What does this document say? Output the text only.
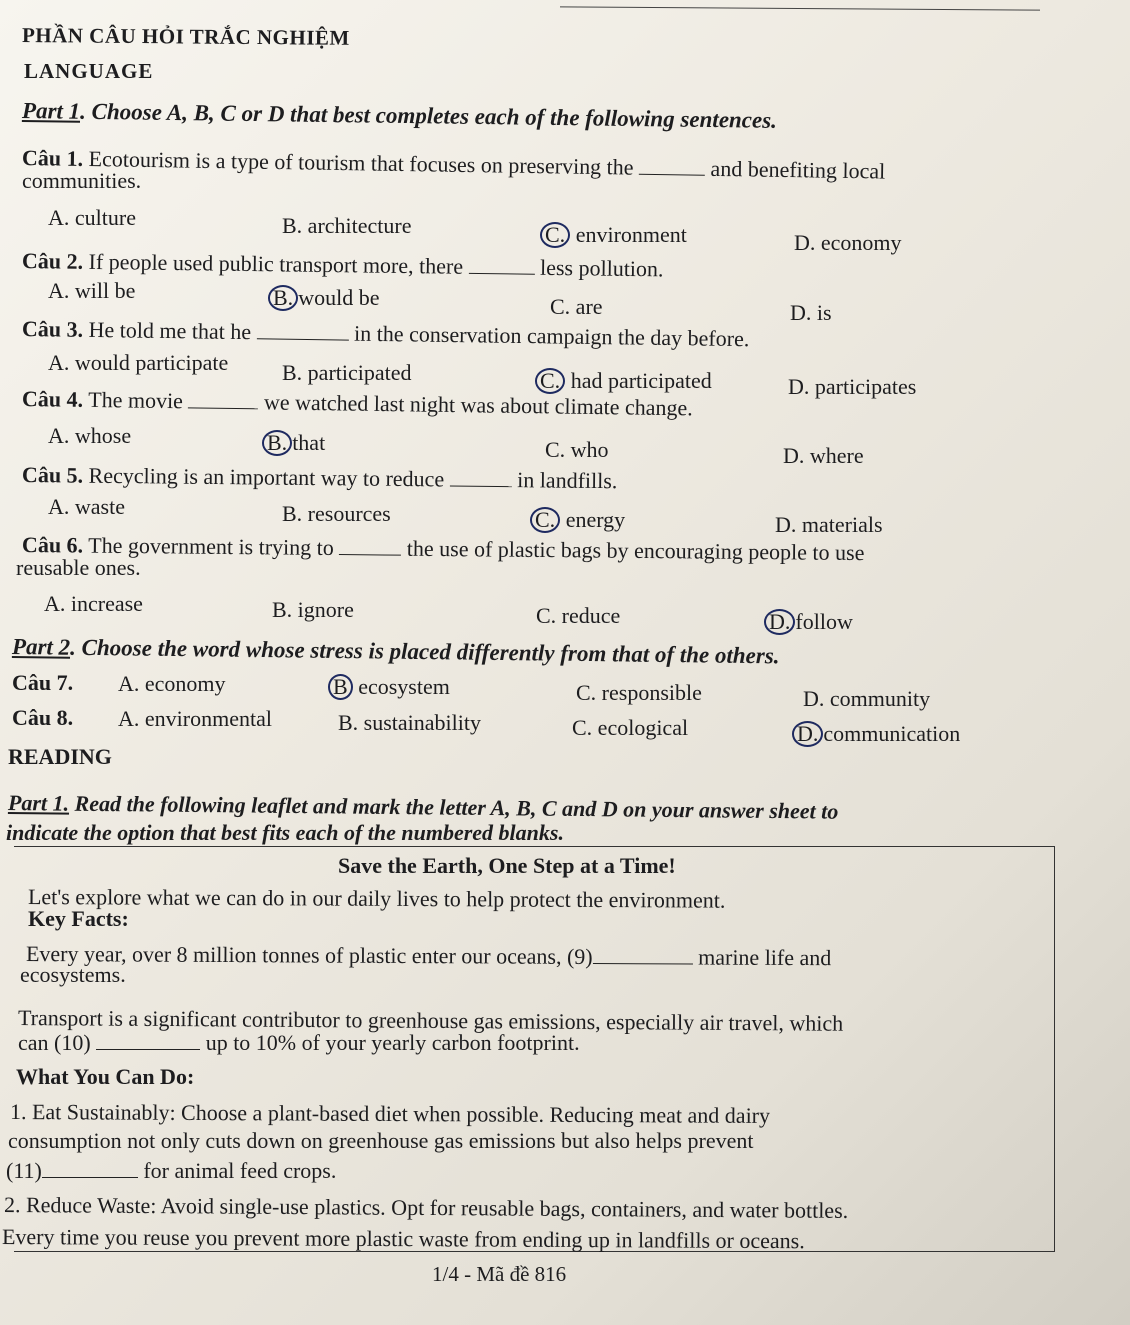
PHẦN CÂU HỎI TRẮC NGHIỆM
LANGUAGE
Part 1. Choose A, B, C or D that best completes each of the following sentences.
Câu 1. Ecotourism is a type of tourism that focuses on preserving the	and benefiting local
communities.
A. culture	B. architecture	C. environment	D. economy
Câu 2. If people used public transport more, there	less pollution.
A. will be	B. would be	C. are	D. is
Câu 3. He told me that he	in the conservation campaign the day before.
A. would participate B. participated	C. had participated	D. participates
Câu 4. The movie	we watched last night was about climate change.
A. whose	B. that	C. who	D. where
Câu 5. Recycling is an important way to reduce	in landfills.
A. waste	B. resources	C. energy	D. materials
Câu 6. The government is trying to	the use of plastic bags by encouraging people to use
reusable ones.
A. increase	B. ignore	C. reduce	D. follow
Part 2. Choose the word whose stress is placed differently from that of the others.
Câu 7. A. economy	B ecosystem	C. responsible	D. community
Câu 8. A. environmental	B. sustainability	C. ecological	D. communication
READING
Part 1. Read the following leaflet and mark the letter A, B, C and D on your answer sheet to
indicate the option that best fits each of the numbered blanks.
Save the Earth, One Step at a Time!
Let's explore what we can do in our daily lives to help protect the environment.
Key Facts:
Every year, over 8 million tonnes of plastic enter our oceans, (9)	marine life and
ecosystems.
Transport is a significant contributor to greenhouse gas emissions, especially air travel, which
can (10)	up to 10% of your yearly carbon footprint.
What You Can Do:
1. Eat Sustainably: Choose a plant-based diet when possible. Reducing meat and dairy
consumption not only cuts down on greenhouse gas emissions but also helps prevent
(11)	for animal feed crops.
2. Reduce Waste: Avoid single-use plastics. Opt for reusable bags, containers, and water bottles.
Every time you reuse you prevent more plastic waste from ending up in landfills or oceans.
1/4 - Mã đề 816
